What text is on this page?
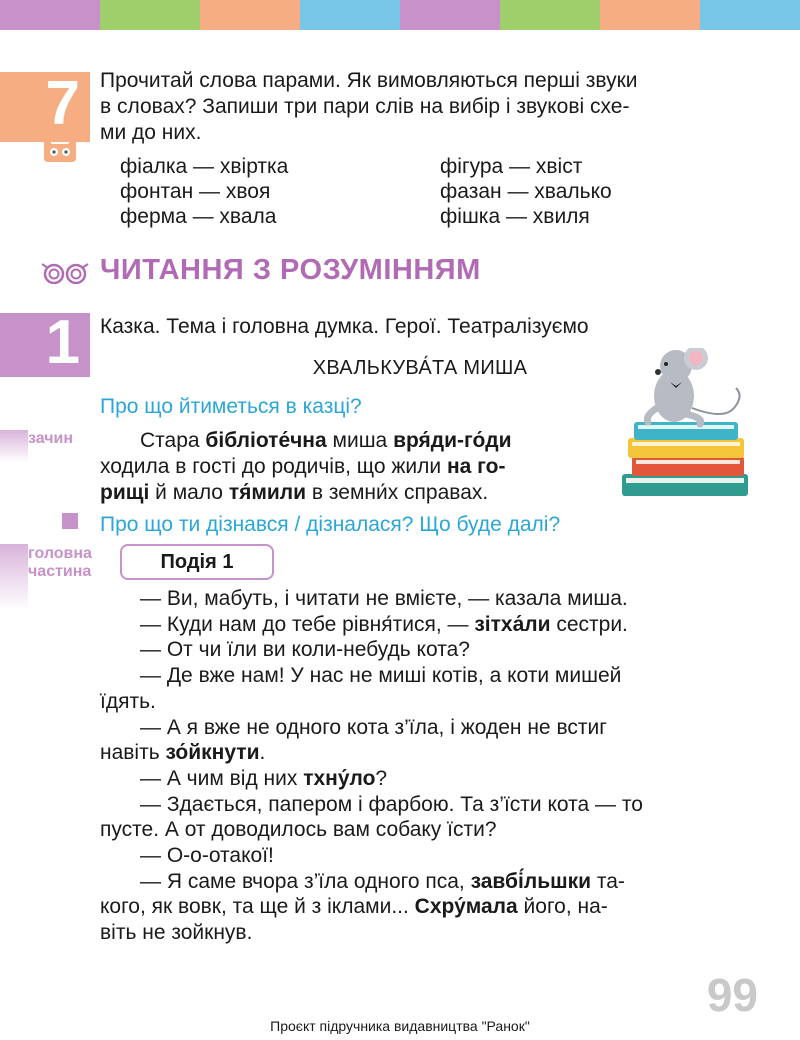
7 Прочитай слова парами. Як вимовляються перші звуки
в словах? Запиши три пари слів на вибір і звукові схе-
ми до них.
фіалка — хвіртка
фонтан — хвоя
ферма — хвала
фігура — хвіст
фазан — хвалько
фішка — хвиля
ЧИТАННЯ З РОЗУМІННЯМ
1 Казка. Тема і головна думка. Герої. Театралізуємо
ХВАЛЬКУВА́ТА МИША
Про що йтиметься в казці?
зачин	Стара бібліоте́чна миша вря́ди-го́ди
ходила в гості до родичів, що жили на го-
рищі й мало тя́мили в земни́х справах.
Про що ти дізнався / дізналася? Що буде далі?
головна
частина	Подія 1

— Ви, мабуть, і читати не вмієте, — казала миша.

— Куди нам до тебе рівня́тися, — зітха́ли сестри.

— От чи їли ви коли-небудь кота?

— Де вже нам! У нас не миші котів, а коти мишей

їдять.

— А я вже не одного кота з’їла, і жоден не встиг

навіть зо́йкнути.

— А чим від них тхну́ло?

— Здається, папером і фарбою. Та з’їсти кота — то

пусте. А от доводилось вам собаку їсти?

— О-о-отакої!

— Я саме вчора з’їла одного пса, завбі́льшки та-

кого, як вовк, та ще й з іклами... Схру́мала його, на-

віть не зойкнув.

99
Проєкт підручника видавництва "Ранок"
